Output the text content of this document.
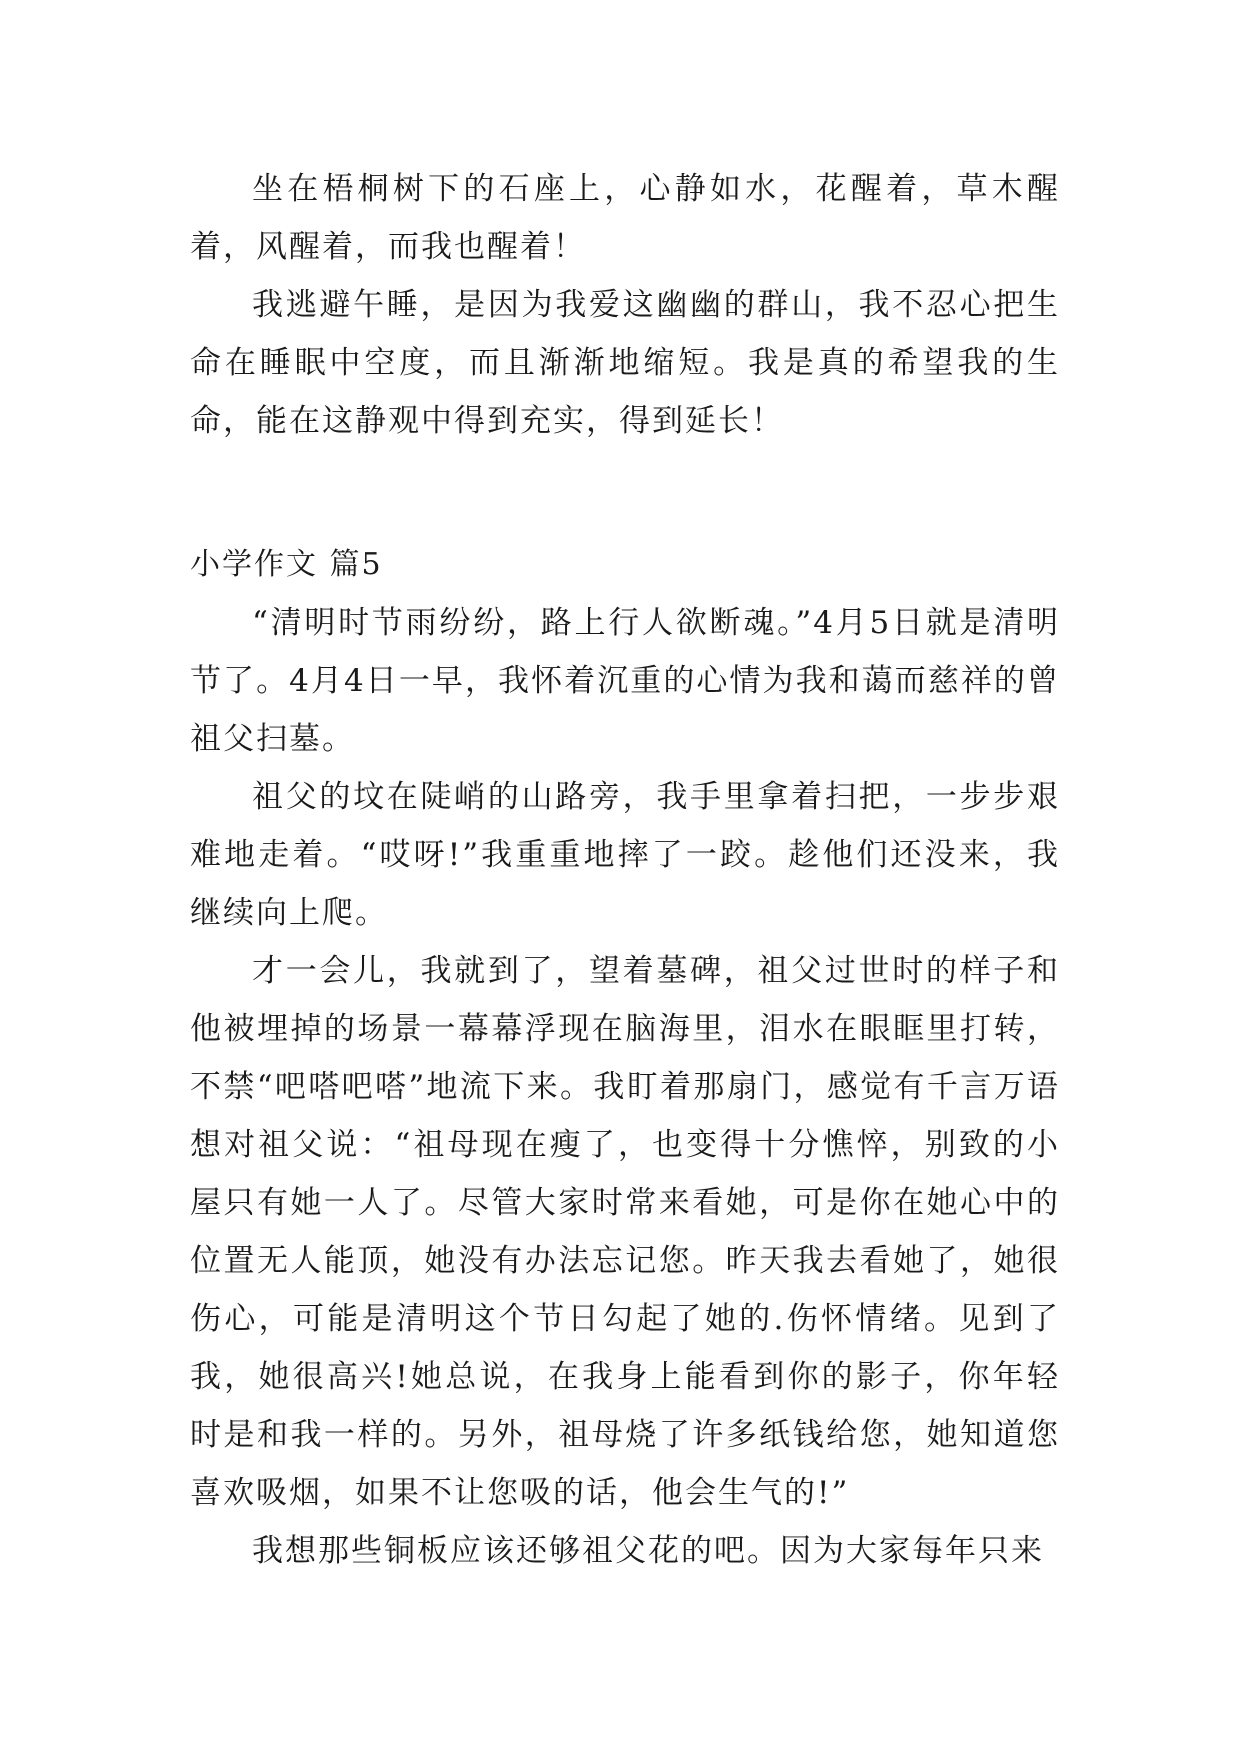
坐在梧桐树下的石座上，心静如水，花醒着，草木醒着，风醒着，而我也醒着！

我逃避午睡，是因为我爱这幽幽的群山，我不忍心把生命在睡眠中空度，而且渐渐地缩短。我是真的希望我的生命，能在这静观中得到充实，得到延长！

小学作文 篇5

“清明时节雨纷纷，路上行人欲断魂。”4月5日就是清明节了。4月4日一早，我怀着沉重的心情为我和蔼而慈祥的曾祖父扫墓。

祖父的坟在陡峭的山路旁，我手里拿着扫把，一步步艰难地走着。“哎呀!”我重重地摔了一跤。趁他们还没来，我继续向上爬。

才一会儿，我就到了，望着墓碑，祖父过世时的样子和他被埋掉的场景一幕幕浮现在脑海里，泪水在眼眶里打转，不禁“吧嗒吧嗒”地流下来。我盯着那扇门，感觉有千言万语想对祖父说：“祖母现在瘦了，也变得十分憔悴，别致的小屋只有她一人了。尽管大家时常来看她，可是你在她心中的位置无人能顶，她没有办法忘记您。昨天我去看她了，她很伤心，可能是清明这个节日勾起了她的.伤怀情绪。见到了我，她很高兴!她总说，在我身上能看到你的影子，你年轻时是和我一样的。另外，祖母烧了许多纸钱给您，她知道您喜欢吸烟，如果不让您吸的话，他会生气的!”

我想那些铜板应该还够祖父花的吧。因为大家每年只来
